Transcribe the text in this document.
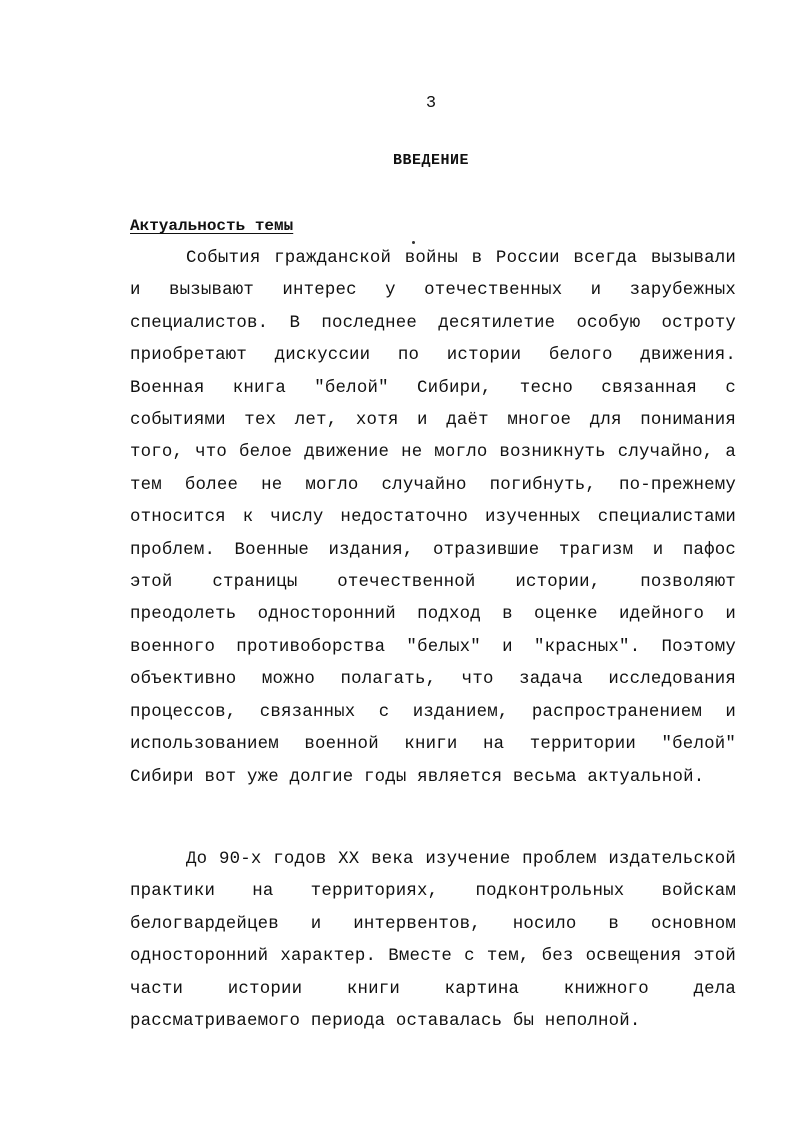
3
ВВЕДЕНИЕ
Актуальность темы

События гражданской войны в России всегда вызывали и вызывают интерес у отечественных и зарубежных специалистов. В последнее десятилетие особую остроту приобретают дискуссии по истории белого движения. Военная книга "белой" Сибири, тесно связанная с событиями тех лет, хотя и даёт многое для понимания того, что белое движение не могло возникнуть случайно, а тем более не могло случайно погибнуть, по-прежнему относится к числу недостаточно изученных специалистами проблем. Военные издания, отразившие трагизм и пафос этой страницы отечественной истории, позволяют преодолеть односторонний подход в оценке идейного и военного противоборства "белых" и "красных". Поэтому объективно можно полагать, что задача исследования процессов, связанных с изданием, распространением и использованием военной книги на территории "белой" Сибири вот уже долгие годы является весьма актуальной.

До 90-х годов XX века изучение проблем издательской практики на территориях, подконтрольных войскам белогвардейцев и интервентов, носило в основном односторонний характер. Вместе с тем, без освещения этой части истории книги картина книжного дела рассматриваемого периода оставалась бы неполной.
